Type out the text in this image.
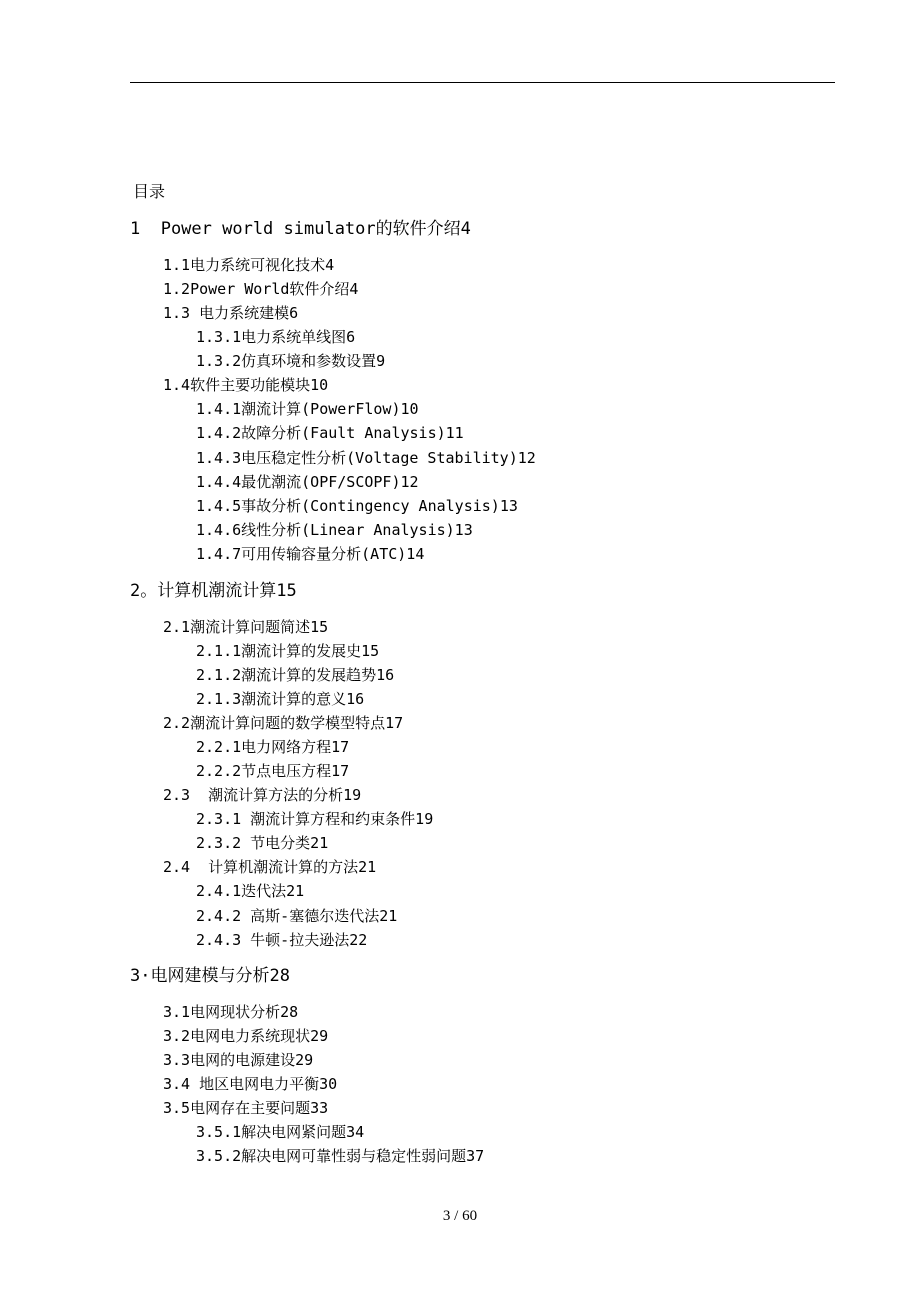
目录
1  Power world simulator的软件介绍4
1.1电力系统可视化技术4
1.2Power World软件介绍4
1.3 电力系统建模6
1.3.1电力系统单线图6
1.3.2仿真环境和参数设置9
1.4软件主要功能模块10
1.4.1潮流计算(PowerFlow)10
1.4.2故障分析(Fault Analysis)11
1.4.3电压稳定性分析(Voltage Stability)12
1.4.4最优潮流(OPF/SCOPF)12
1.4.5事故分析(Contingency Analysis)13
1.4.6线性分析(Linear Analysis)13
1.4.7可用传输容量分析(ATC)14
2。计算机潮流计算15
2.1潮流计算问题简述15
2.1.1潮流计算的发展史15
2.1.2潮流计算的发展趋势16
2.1.3潮流计算的意义16
2.2潮流计算问题的数学模型特点17
2.2.1电力网络方程17
2.2.2节点电压方程17
2.3  潮流计算方法的分析19
2.3.1 潮流计算方程和约束条件19
2.3.2 节电分类21
2.4  计算机潮流计算的方法21
2.4.1迭代法21
2.4.2 高斯-塞德尔迭代法21
2.4.3 牛顿-拉夫逊法22
3·电网建模与分析28
3.1电网现状分析28
3.2电网电力系统现状29
3.3电网的电源建设29
3.4 地区电网电力平衡30
3.5电网存在主要问题33
3.5.1解决电网紧问题34
3.5.2解决电网可靠性弱与稳定性弱问题37
3 / 60
